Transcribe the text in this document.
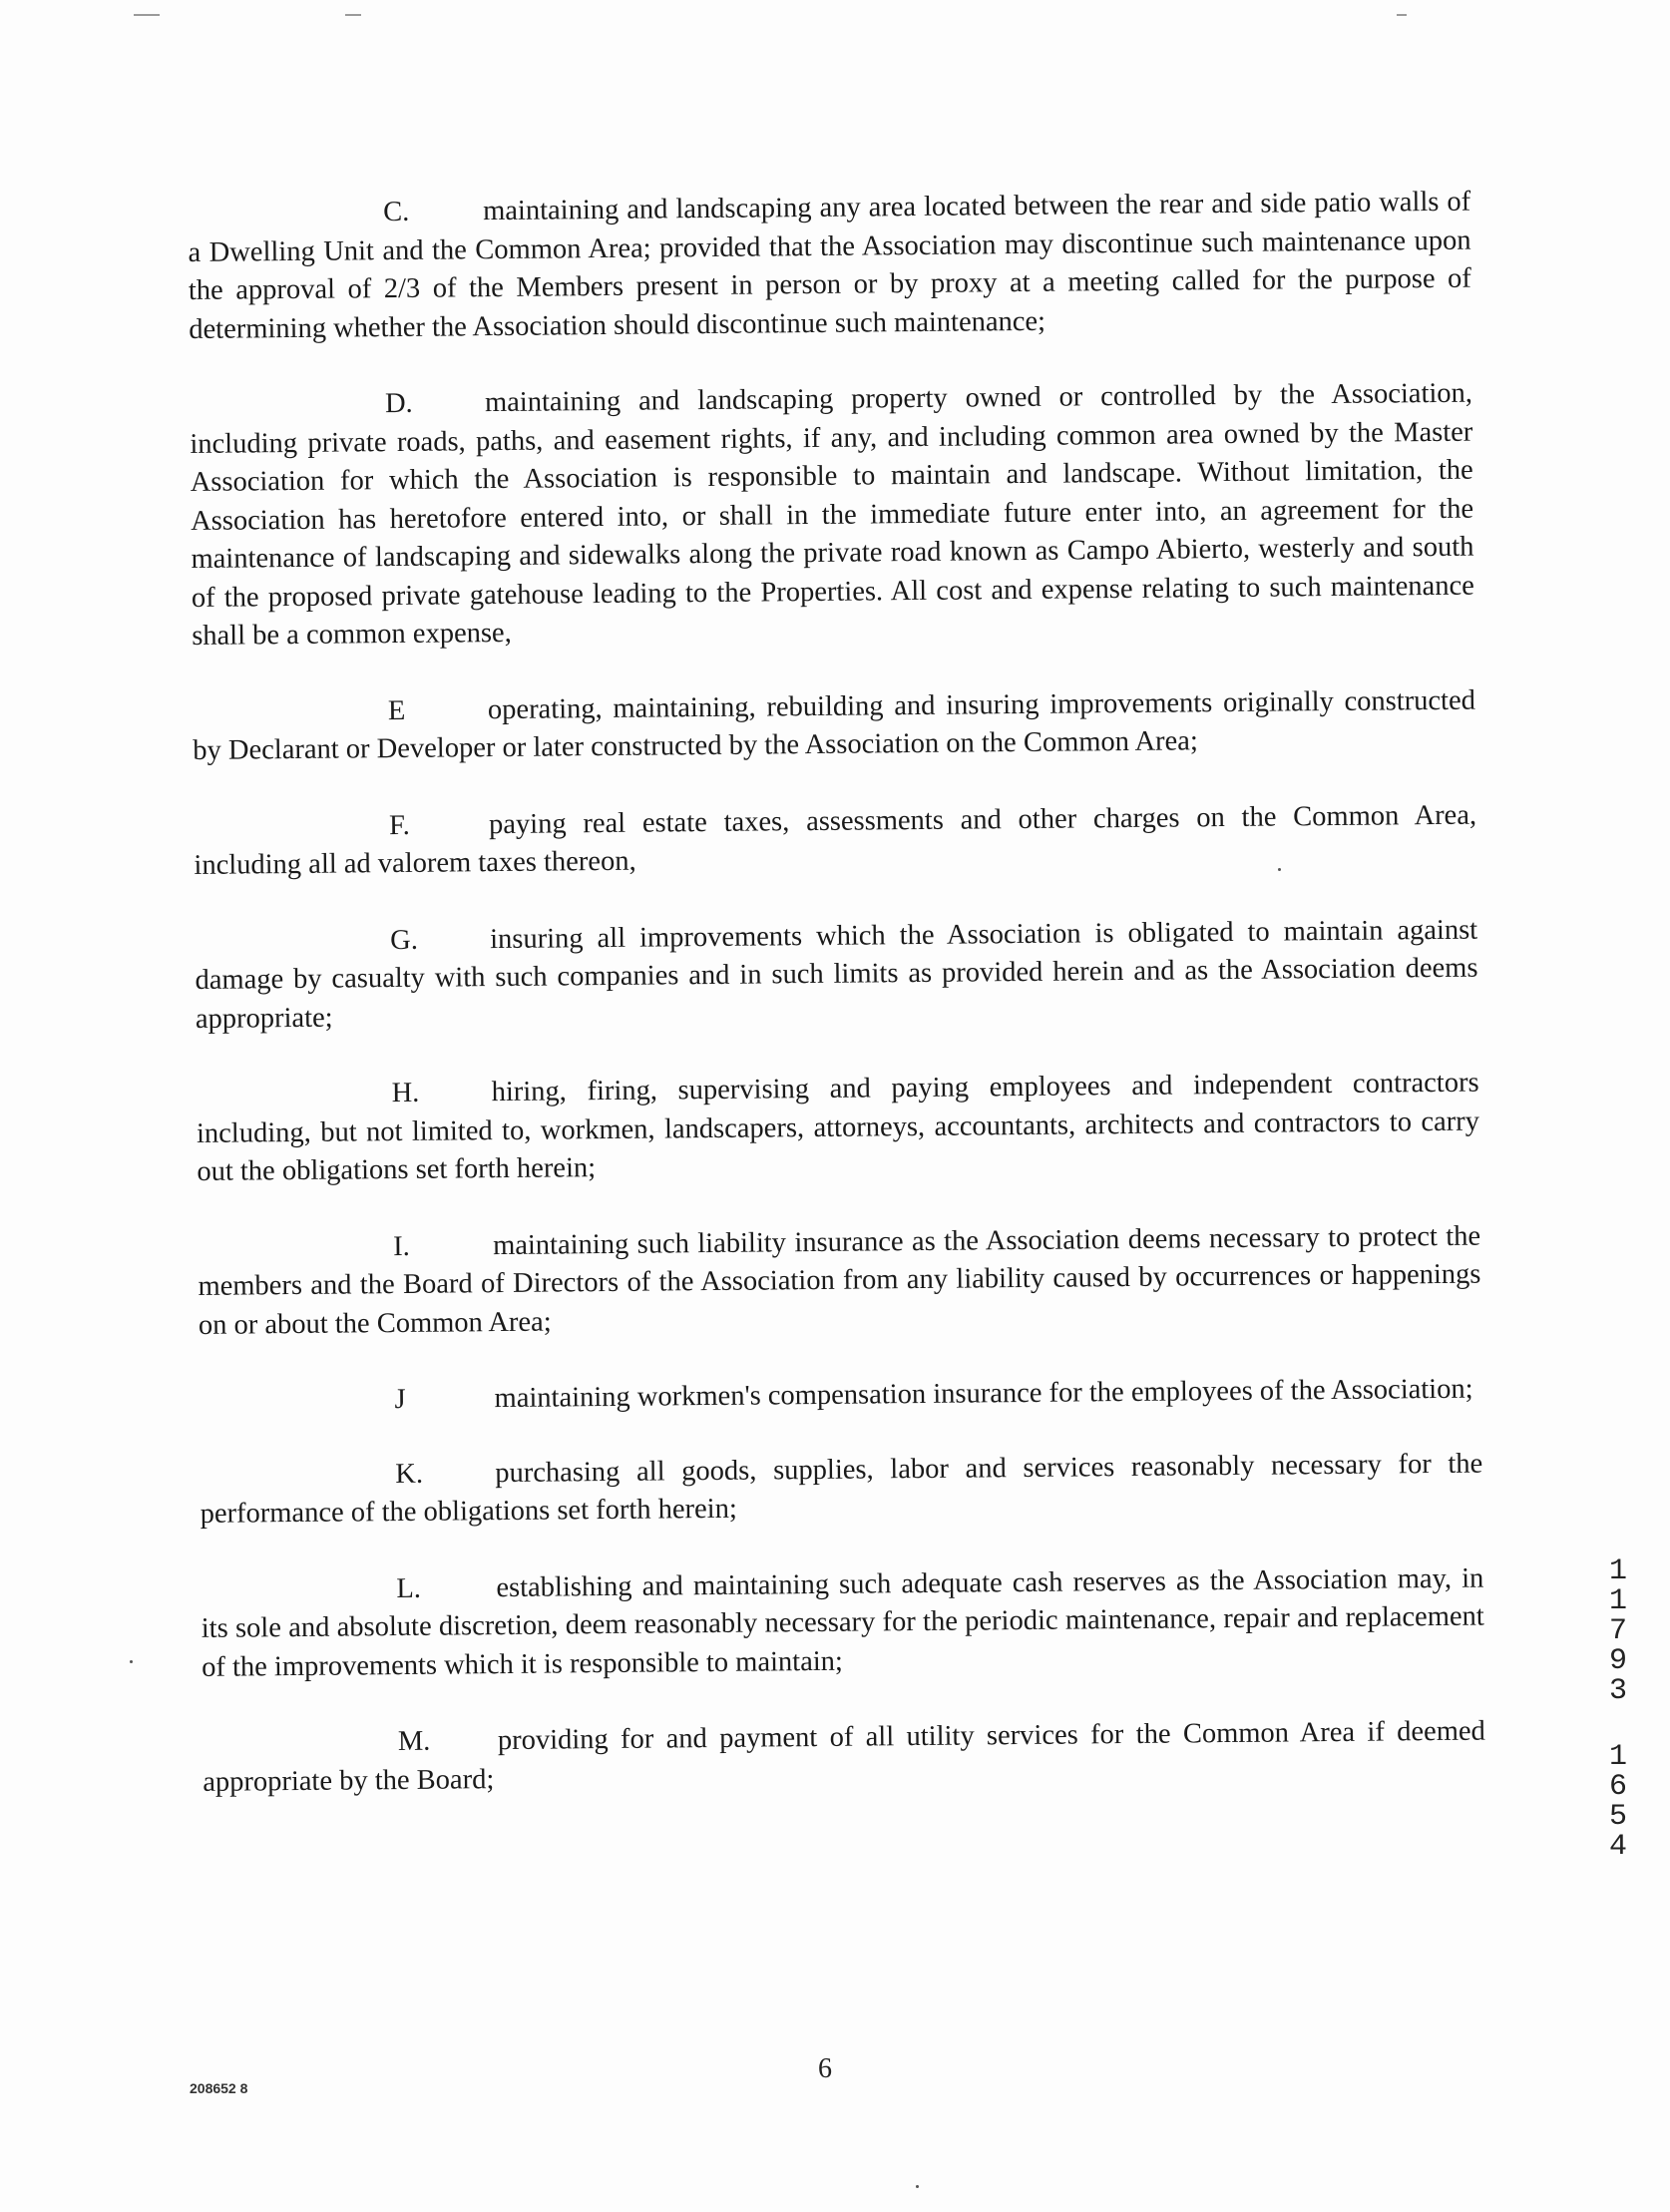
C.	maintaining and landscaping any area located between the rear and side patio walls of a Dwelling Unit and the Common Area; provided that the Association may discontinue such maintenance upon the approval of 2/3 of the Members present in person or by proxy at a meeting called for the purpose of determining whether the Association should discontinue such maintenance;

D.	maintaining and landscaping property owned or controlled by the Association, including private roads, paths, and easement rights, if any, and including common area owned by the Master Association for which the Association is responsible to maintain and landscape. Without limitation, the Association has heretofore entered into, or shall in the immediate future enter into, an agreement for the maintenance of landscaping and sidewalks along the private road known as Campo Abierto, westerly and south of the proposed private gatehouse leading to the Properties. All cost and expense relating to such maintenance shall be a common expense,

E	operating, maintaining, rebuilding and insuring improvements originally constructed by Declarant or Developer or later constructed by the Association on the Common Area;

F.	paying real estate taxes, assessments and other charges on the Common Area, including all ad valorem taxes thereon,

G.	insuring all improvements which the Association is obligated to maintain against damage by casualty with such companies and in such limits as provided herein and as the Association deems appropriate;

H.	hiring, firing, supervising and paying employees and independent contractors including, but not limited to, workmen, landscapers, attorneys, accountants, architects and contractors to carry out the obligations set forth herein;

I.	maintaining such liability insurance as the Association deems necessary to protect the members and the Board of Directors of the Association from any liability caused by occurrences or happenings on or about the Common Area;

J	maintaining workmen's compensation insurance for the employees of the Association;

K.	purchasing all goods, supplies, labor and services reasonably necessary for the performance of the obligations set forth herein;

L.	establishing and maintaining such adequate cash reserves as the Association may, in its sole and absolute discretion, deem reasonably necessary for the periodic maintenance, repair and replacement of the improvements which it is responsible to maintain;

M. providing for and payment of all utility services for the Common Area if deemed appropriate by the Board;

1
1
7
9
3
1
6
5
4
6
208652 8
